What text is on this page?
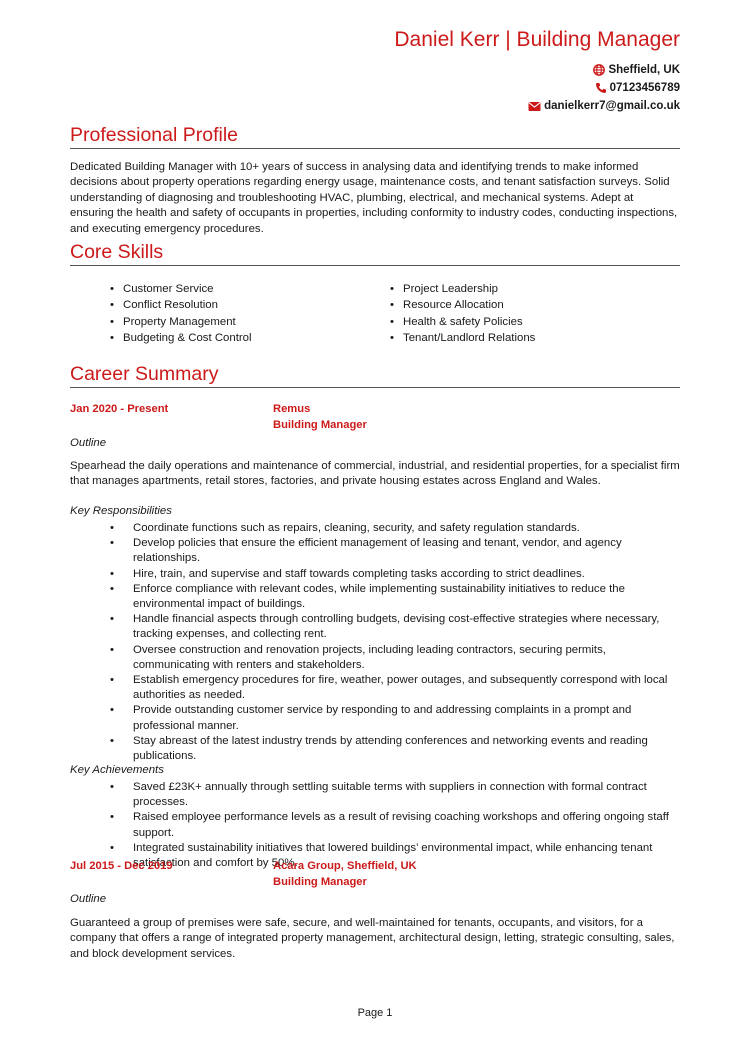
Daniel Kerr | Building Manager
Sheffield, UK
07123456789
danielkerr7@gmail.co.uk
Professional Profile
Dedicated Building Manager with 10+ years of success in analysing data and identifying trends to make informed decisions about property operations regarding energy usage, maintenance costs, and tenant satisfaction surveys. Solid understanding of diagnosing and troubleshooting HVAC, plumbing, electrical, and mechanical systems. Adept at ensuring the health and safety of occupants in properties, including conformity to industry codes, conducting inspections, and executing emergency procedures.
Core Skills
• Customer Service
• Conflict Resolution
• Property Management
• Budgeting & Cost Control
• Project Leadership
• Resource Allocation
• Health & safety Policies
• Tenant/Landlord Relations
Career Summary
Jan 2020 - Present	Remus
Building Manager
Outline
Spearhead the daily operations and maintenance of commercial, industrial, and residential properties, for a specialist firm that manages apartments, retail stores, factories, and private housing estates across England and Wales.
Key Responsibilities
• Coordinate functions such as repairs, cleaning, security, and safety regulation standards.
• Develop policies that ensure the efficient management of leasing and tenant, vendor, and agency relationships.
• Hire, train, and supervise and staff towards completing tasks according to strict deadlines.
• Enforce compliance with relevant codes, while implementing sustainability initiatives to reduce the environmental impact of buildings.
• Handle financial aspects through controlling budgets, devising cost-effective strategies where necessary, tracking expenses, and collecting rent.
• Oversee construction and renovation projects, including leading contractors, securing permits, communicating with renters and stakeholders.
• Establish emergency procedures for fire, weather, power outages, and subsequently correspond with local authorities as needed.
• Provide outstanding customer service by responding to and addressing complaints in a prompt and professional manner.
• Stay abreast of the latest industry trends by attending conferences and networking events and reading publications.
Key Achievements
• Saved £23K+ annually through settling suitable terms with suppliers in connection with formal contract processes.
• Raised employee performance levels as a result of revising coaching workshops and offering ongoing staff support.
• Integrated sustainability initiatives that lowered buildings’ environmental impact, while enhancing tenant satisfaction and comfort by 50%.
Jul 2015 - Dec 2019	Acara Group, Sheffield, UK
Building Manager
Outline
Guaranteed a group of premises were safe, secure, and well-maintained for tenants, occupants, and visitors, for a company that offers a range of integrated property management, architectural design, letting, strategic consulting, sales, and block development services.
Page 1
